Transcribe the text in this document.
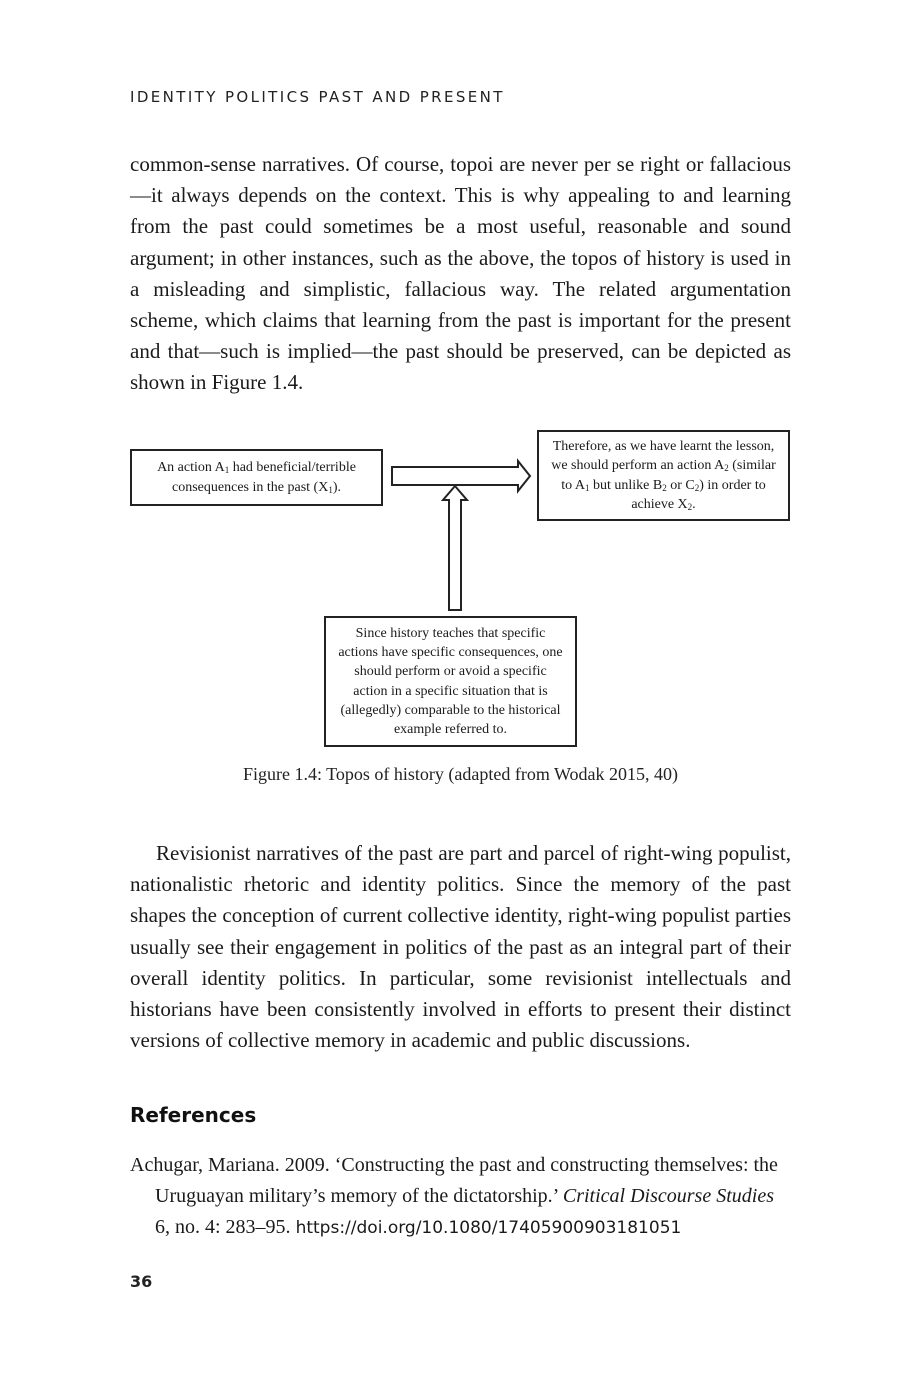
IDENTITY POLITICS PAST AND PRESENT

common-sense narratives. Of course, topoi are never per se right or fallacious—it always depends on the context. This is why appealing to and learning from the past could sometimes be a most useful, reasonable and sound argument; in other instances, such as the above, the topos of history is used in a misleading and simplistic, fallacious way. The related argumentation scheme, which claims that learning from the past is important for the present and that—such is implied—the past should be preserved, can be depicted as shown in Figure 1.4.

An action $A_1$ had beneficial/terrible
consequences in the past $(X_1)$.
Therefore, as we have learnt the lesson, we should perform an action $A_2$ (similar to $A_1$ but unlike $B_2$ or $C_2$) in order to achieve $X_2$.
Since history teaches that specific actions have specific consequences, one should perform or avoid a specific action in a specific situation that is (allegedly) comparable to the historical example referred to.
Figure 1.4: Topos of history (adapted from Wodak 2015, 40)

Revisionist narratives of the past are part and parcel of right-wing populist, nationalistic rhetoric and identity politics. Since the memory of the past shapes the conception of current collective identity, right-wing populist parties usually see their engagement in politics of the past as an integral part of their overall identity politics. In particular, some revisionist intellectuals and historians have been consistently involved in efforts to present their distinct versions of collective memory in academic and public discussions.

References

Achugar, Mariana. 2009. ‘Constructing the past and constructing themselves: the Uruguayan military’s memory of the dictatorship.’ Critical Discourse Studies 6, no. 4: 283–95. https://doi.org/10.1080/17405900903181051

36
